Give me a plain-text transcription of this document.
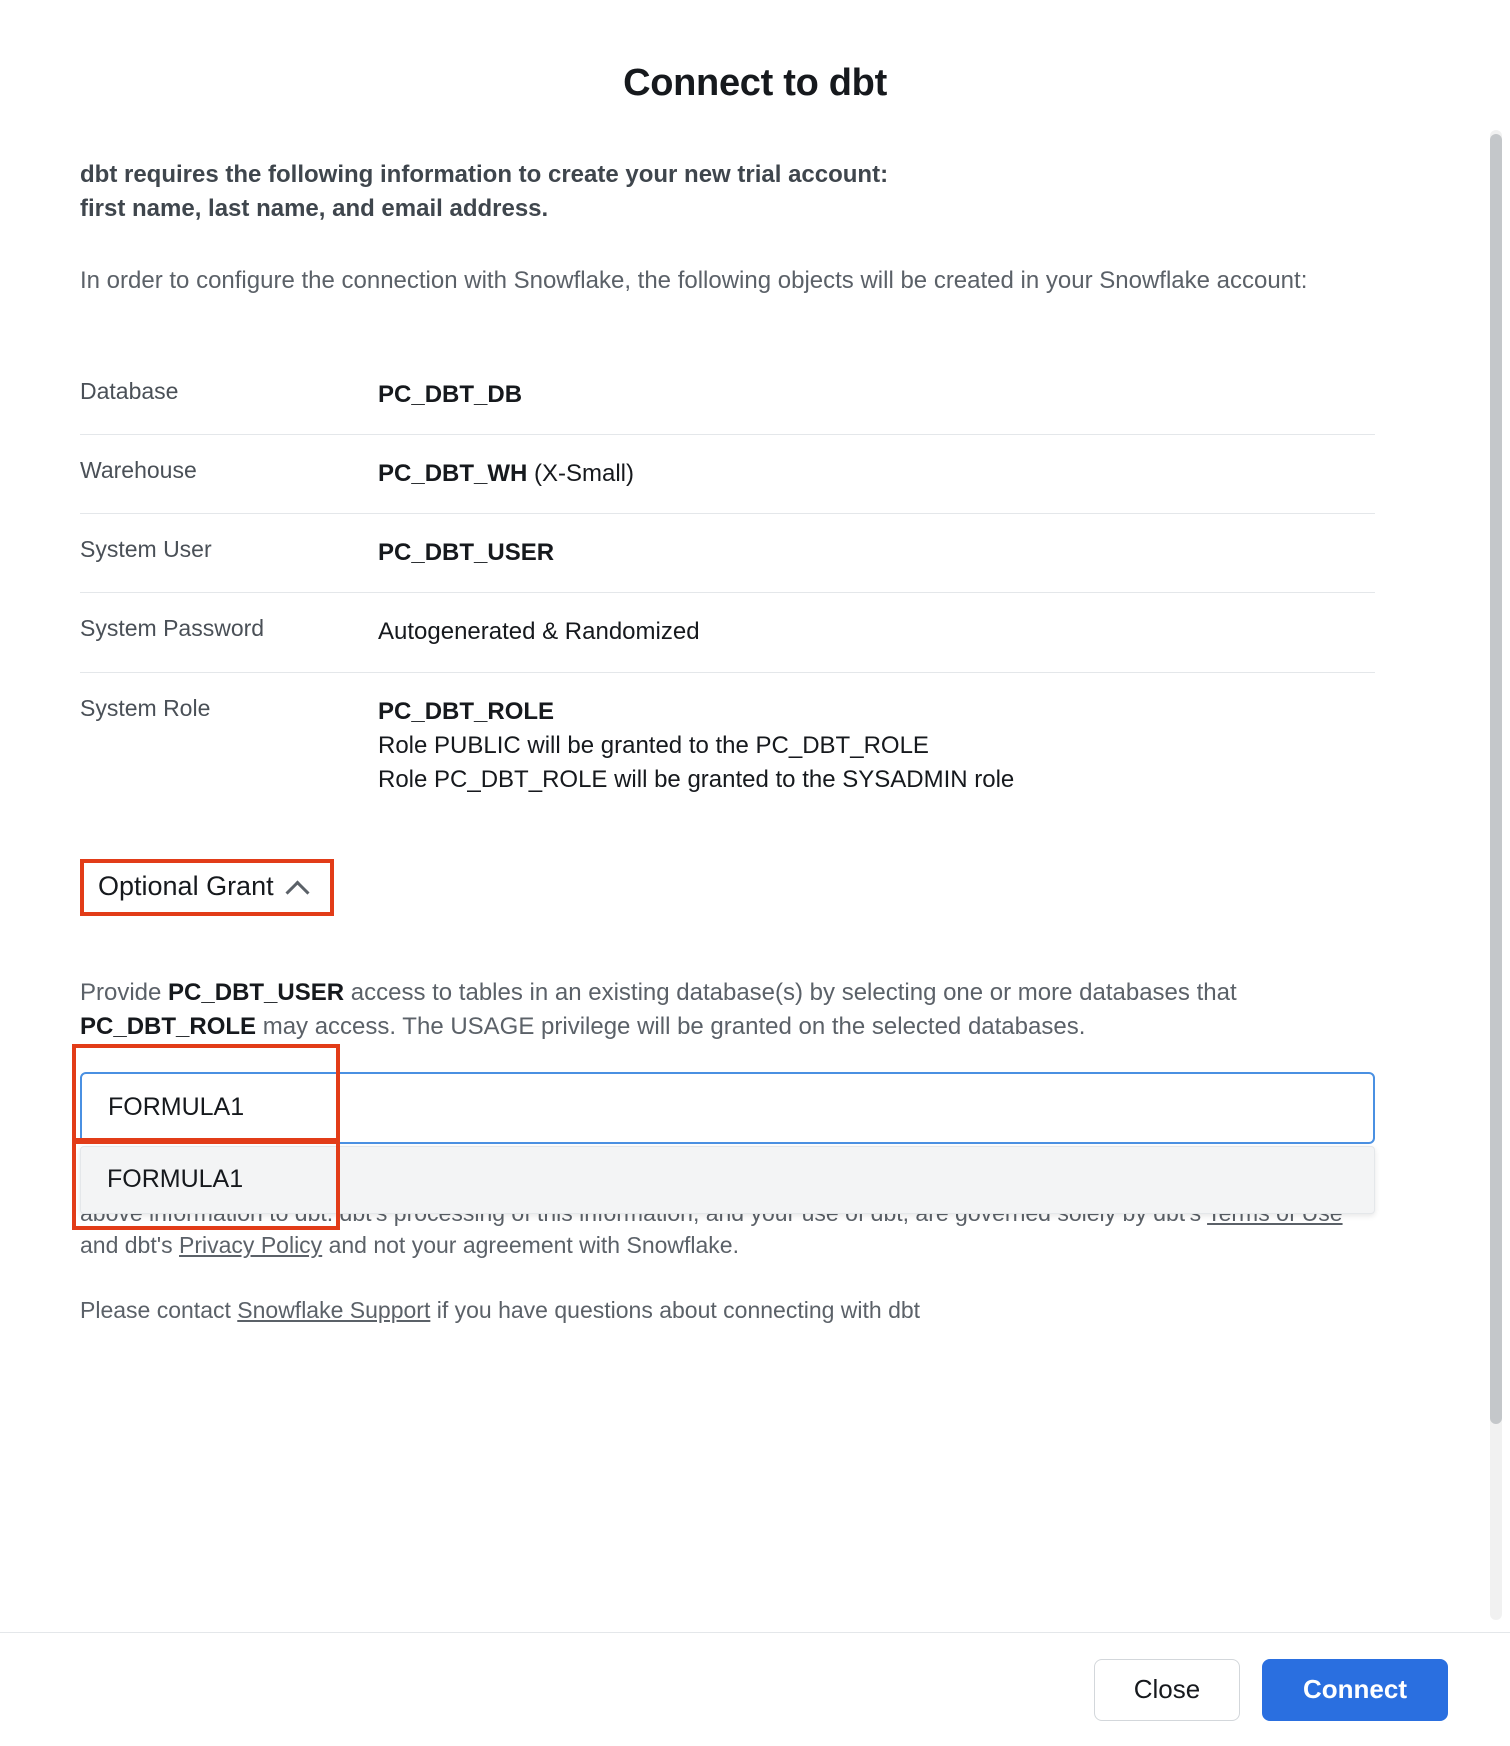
Connect to dbt
dbt requires the following information to create your new trial account:
first name, last name, and email address.
In order to configure the connection with Snowflake, the following objects will be created in your Snowflake account:
Database	PC_DBT_DB
Warehouse	PC_DBT_WH (X-Small)
System User	PC_DBT_USER
System Password	Autogenerated & Randomized
System Role	PC_DBT_ROLE
Role PUBLIC will be granted to the PC_DBT_ROLE
Role PC_DBT_ROLE will be granted to the SYSADMIN role
Optional Grant
Provide PC_DBT_USER access to tables in an existing database(s) by selecting one or more databases that PC_DBT_ROLE may access. The USAGE privilege will be granted on the selected databases.
FORMULA1
FORMULA1

and dbt's Privacy Policy and not your agreement with Snowflake.
Please contact Snowflake Support if you have questions about connecting with dbt
Close	Connect
